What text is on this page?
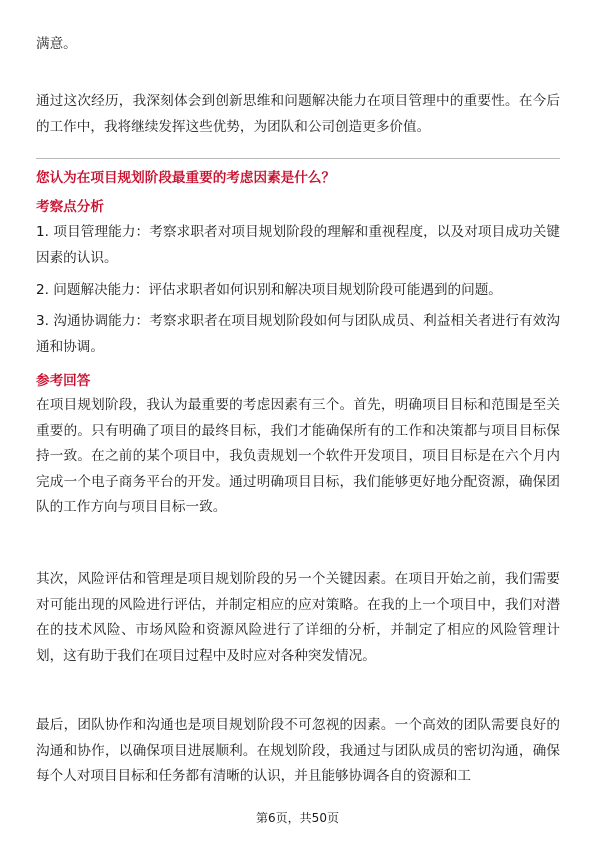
满意。

通过这次经历，我深刻体会到创新思维和问题解决能力在项目管理中的重要性。在今后的工作中，我将继续发挥这些优势，为团队和公司创造更多价值。

您认为在项目规划阶段最重要的考虑因素是什么？

考察点分析

1. 项目管理能力：考察求职者对项目规划阶段的理解和重视程度，以及对项目成功关键因素的认识。

2. 问题解决能力：评估求职者如何识别和解决项目规划阶段可能遇到的问题。

3. 沟通协调能力：考察求职者在项目规划阶段如何与团队成员、利益相关者进行有效沟通和协调。

参考回答

在项目规划阶段，我认为最重要的考虑因素有三个。首先，明确项目目标和范围是至关重要的。只有明确了项目的最终目标，我们才能确保所有的工作和决策都与项目目标保持一致。在之前的某个项目中，我负责规划一个软件开发项目，项目目标是在六个月内完成一个电子商务平台的开发。通过明确项目目标，我们能够更好地分配资源，确保团队的工作方向与项目目标一致。

其次，风险评估和管理是项目规划阶段的另一个关键因素。在项目开始之前，我们需要对可能出现的风险进行评估，并制定相应的应对策略。在我的上一个项目中，我们对潜在的技术风险、市场风险和资源风险进行了详细的分析，并制定了相应的风险管理计划，这有助于我们在项目过程中及时应对各种突发情况。

最后，团队协作和沟通也是项目规划阶段不可忽视的因素。一个高效的团队需要良好的沟通和协作，以确保项目进展顺利。在规划阶段，我通过与团队成员的密切沟通，确保每个人对项目目标和任务都有清晰的认识，并且能够协调各自的资源和工

第6页，共50页
